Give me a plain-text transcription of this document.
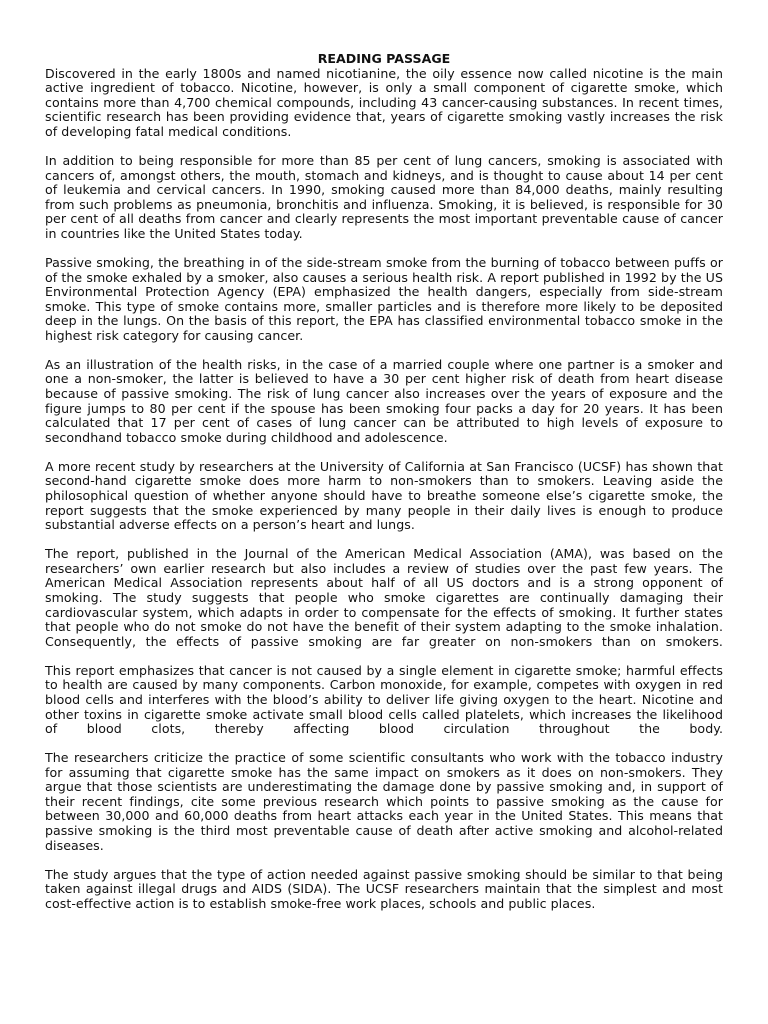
READING PASSAGE

Discovered in the early 1800s and named nicotianine, the oily essence now called nicotine is the main active ingredient of tobacco. Nicotine, however, is only a small component of cigarette smoke, which contains more than 4,700 chemical compounds, including 43 cancer-causing substances. In recent times, scientific research has been providing evidence that, years of cigarette smoking vastly increases the risk of developing fatal medical conditions.

In addition to being responsible for more than 85 per cent of lung cancers, smoking is associated with cancers of, amongst others, the mouth, stomach and kidneys, and is thought to cause about 14 per cent of leukemia and cervical cancers. In 1990, smoking caused more than 84,000 deaths, mainly resulting from such problems as pneumonia, bronchitis and influenza. Smoking, it is believed, is responsible for 30 per cent of all deaths from cancer and clearly represents the most important preventable cause of cancer in countries like the United States today.

Passive smoking, the breathing in of the side-stream smoke from the burning of tobacco between puffs or of the smoke exhaled by a smoker, also causes a serious health risk. A report published in 1992 by the US Environmental Protection Agency (EPA) emphasized the health dangers, especially from side-stream smoke. This type of smoke contains more, smaller particles and is therefore more likely to be deposited deep in the lungs. On the basis of this report, the EPA has classified environmental tobacco smoke in the highest risk category for causing cancer.

As an illustration of the health risks, in the case of a married couple where one partner is a smoker and one a non-smoker, the latter is believed to have a 30 per cent higher risk of death from heart disease because of passive smoking. The risk of lung cancer also increases over the years of exposure and the figure jumps to 80 per cent if the spouse has been smoking four packs a day for 20 years. It has been calculated that 17 per cent of cases of lung cancer can be attributed to high levels of exposure to secondhand tobacco smoke during childhood and adolescence.

A more recent study by researchers at the University of California at San Francisco (UCSF) has shown that second-hand cigarette smoke does more harm to non-smokers than to smokers. Leaving aside the philosophical question of whether anyone should have to breathe someone else’s cigarette smoke, the report suggests that the smoke experienced by many people in their daily lives is enough to produce substantial adverse effects on a person’s heart and lungs.

The report, published in the Journal of the American Medical Association (AMA), was based on the researchers’ own earlier research but also includes a review of studies over the past few years. The American Medical Association represents about half of all US doctors and is a strong opponent of smoking. The study suggests that people who smoke cigarettes are continually damaging their cardiovascular system, which adapts in order to compensate for the effects of smoking. It further states that people who do not smoke do not have the benefit of their system adapting to the smoke inhalation. Consequently, the effects of passive smoking are far greater on non-smokers than on smokers.

This report emphasizes that cancer is not caused by a single element in cigarette smoke; harmful effects to health are caused by many components. Carbon monoxide, for example, competes with oxygen in red blood cells and interferes with the blood’s ability to deliver life giving oxygen to the heart. Nicotine and other toxins in cigarette smoke activate small blood cells called platelets, which increases the likelihood of blood clots, thereby affecting blood circulation throughout the body.

The researchers criticize the practice of some scientific consultants who work with the tobacco industry for assuming that cigarette smoke has the same impact on smokers as it does on non-smokers. They argue that those scientists are underestimating the damage done by passive smoking and, in support of their recent findings, cite some previous research which points to passive smoking as the cause for between 30,000 and 60,000 deaths from heart attacks each year in the United States. This means that passive smoking is the third most preventable cause of death after active smoking and alcohol-related diseases.

The study argues that the type of action needed against passive smoking should be similar to that being taken against illegal drugs and AIDS (SIDA). The UCSF researchers maintain that the simplest and most cost-effective action is to establish smoke-free work places, schools and public places.
